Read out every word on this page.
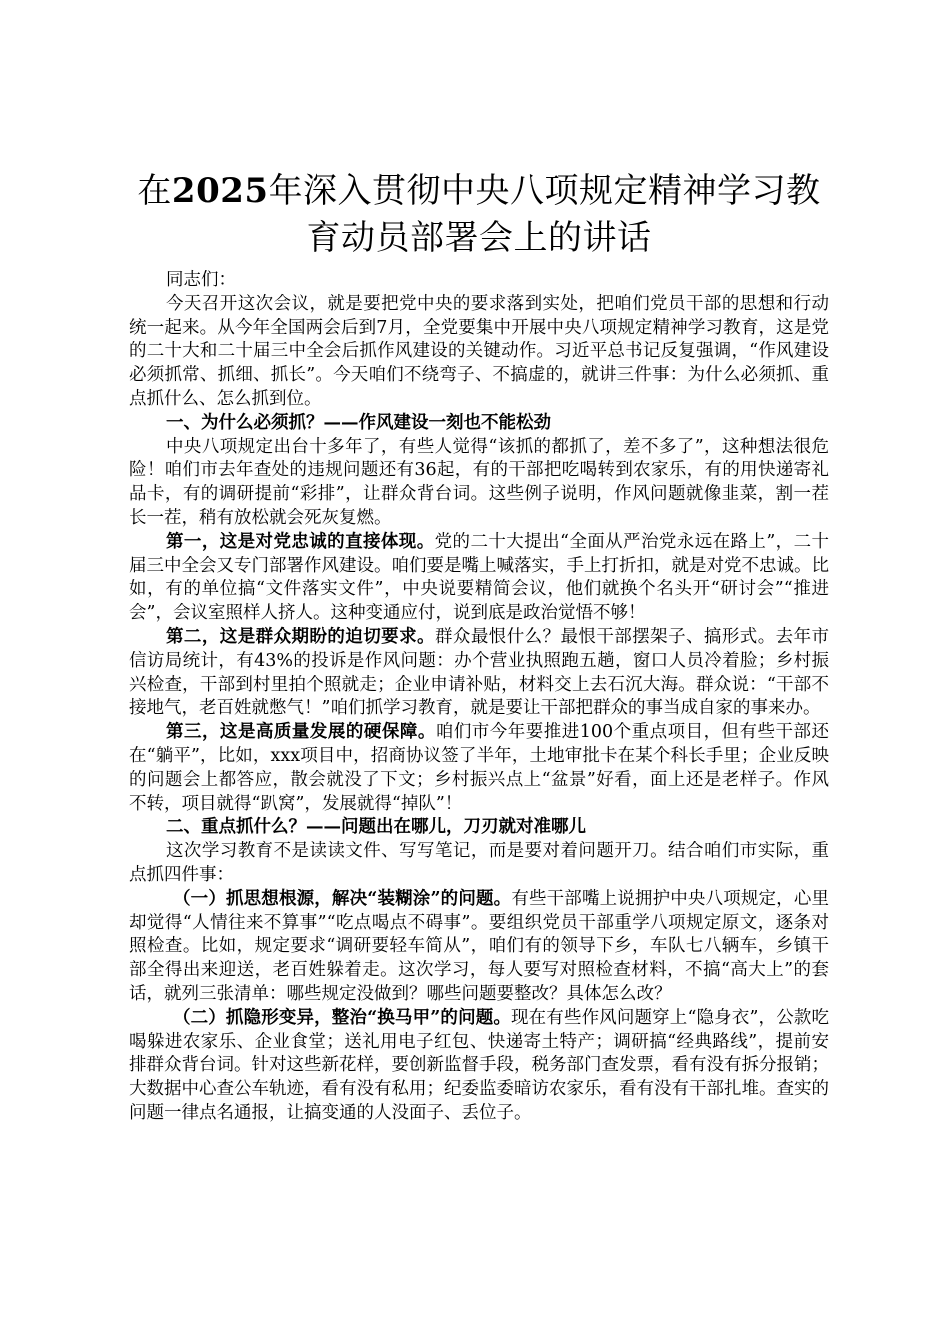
在2025年深入贯彻中央八项规定精神学习教育动员部署会上的讲话

同志们：

今天召开这次会议，就是要把党中央的要求落到实处，把咱们党员干部的思想和行动统一起来。从今年全国两会后到7月，全党要集中开展中央八项规定精神学习教育，这是党的二十大和二十届三中全会后抓作风建设的关键动作。习近平总书记反复强调，“作风建设必须抓常、抓细、抓长”。今天咱们不绕弯子、不搞虚的，就讲三件事：为什么必须抓、重点抓什么、怎么抓到位。

一、为什么必须抓？——作风建设一刻也不能松劲

中央八项规定出台十多年了，有些人觉得“该抓的都抓了，差不多了”，这种想法很危险！咱们市去年查处的违规问题还有36起，有的干部把吃喝转到农家乐，有的用快递寄礼品卡，有的调研提前“彩排”，让群众背台词。这些例子说明，作风问题就像韭菜，割一茬长一茬，稍有放松就会死灰复燃。

第一，这是对党忠诚的直接体现。党的二十大提出“全面从严治党永远在路上”，二十届三中全会又专门部署作风建设。咱们要是嘴上喊落实，手上打折扣，就是对党不忠诚。比如，有的单位搞“文件落实文件”，中央说要精简会议，他们就换个名头开“研讨会”“推进会”，会议室照样人挤人。这种变通应付，说到底是政治觉悟不够！

第二，这是群众期盼的迫切要求。群众最恨什么？最恨干部摆架子、搞形式。去年市信访局统计，有43%的投诉是作风问题：办个营业执照跑五趟，窗口人员冷着脸；乡村振兴检查，干部到村里拍个照就走；企业申请补贴，材料交上去石沉大海。群众说：“干部不接地气，老百姓就憋气！”咱们抓学习教育，就是要让干部把群众的事当成自家的事来办。

第三，这是高质量发展的硬保障。咱们市今年要推进100个重点项目，但有些干部还在“躺平”，比如，xxx项目中，招商协议签了半年，土地审批卡在某个科长手里；企业反映的问题会上都答应，散会就没了下文；乡村振兴点上“盆景”好看，面上还是老样子。作风不转，项目就得“趴窝”，发展就得“掉队”！

二、重点抓什么？——问题出在哪儿，刀刃就对准哪儿

这次学习教育不是读读文件、写写笔记，而是要对着问题开刀。结合咱们市实际，重点抓四件事：

（一）抓思想根源，解决“装糊涂”的问题。有些干部嘴上说拥护中央八项规定，心里却觉得“人情往来不算事”“吃点喝点不碍事”。要组织党员干部重学八项规定原文，逐条对照检查。比如，规定要求“调研要轻车简从”，咱们有的领导下乡，车队七八辆车，乡镇干部全得出来迎送，老百姓躲着走。这次学习，每人要写对照检查材料，不搞“高大上”的套话，就列三张清单：哪些规定没做到？哪些问题要整改？具体怎么改？

（二）抓隐形变异，整治“换马甲”的问题。现在有些作风问题穿上“隐身衣”，公款吃喝躲进农家乐、企业食堂；送礼用电子红包、快递寄土特产；调研搞“经典路线”，提前安排群众背台词。针对这些新花样，要创新监督手段，税务部门查发票，看有没有拆分报销；大数据中心查公车轨迹，看有没有私用；纪委监委暗访农家乐，看有没有干部扎堆。查实的问题一律点名通报，让搞变通的人没面子、丢位子。
